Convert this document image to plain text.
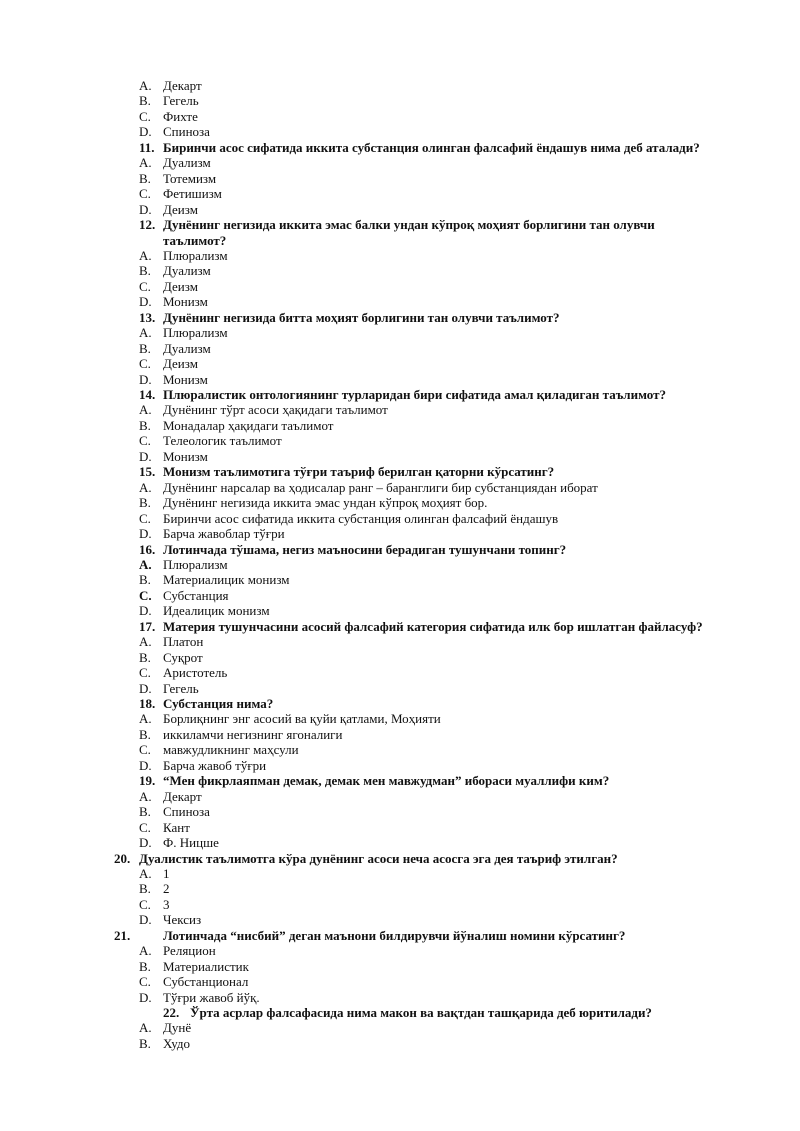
A. Декарт
B. Гегель
C. Фихте
D. Спиноза
11. Биринчи асос сифатида иккита субстанция олинган фалсафий ёндашув нима деб аталади?
A. Дуализм
B. Тотемизм
C. Фетишизм
D. Деизм
12. Дунёнинг негизида иккита эмас балки ундан кўпроқ моҳият борлигини тан олувчи
таълимот?
A. Плюрализм
B. Дуализм
C. Деизм
D. Монизм
13. Дунёнинг негизида битта моҳият борлигини тан олувчи таълимот?
A. Плюрализм
B. Дуализм
C. Деизм
D. Монизм
14. Плюралистик онтологиянинг турларидан бири сифатида амал қиладиган таълимот?
A. Дунёнинг тўрт асоси ҳақидаги таълимот
B. Монадалар ҳақидаги таълимот
C. Телеологик таълимот
D. Монизм
15. Монизм таълимотига тўғри таъриф берилган қаторни кўрсатинг?
A. Дунёнинг нарсалар ва ҳодисалар ранг – баранглиги бир субстанциядан иборат
B. Дунёнинг негизида иккита эмас ундан кўпроқ моҳият бор.
C. Биринчи асос сифатида иккита субстанция олинган фалсафий ёндашув
D. Барча жавоблар тўғри
16. Лотинчада тўшама, негиз маъносини берадиган тушунчани топинг?
A. Плюрализм
B. Материалицик монизм
C. Субстанция
D. Идеалицик монизм
17. Материя тушунчасини асосий фалсафий категория сифатида илк бор ишлатган файласуф?
A. Платон
B. Суқрот
C. Аристотель
D. Гегель
18. Субстанция нима?
A. Борлиқнинг энг асосий ва қуйи қатлами, Моҳияти
B. иккиламчи негизнинг ягоналиги
C. мавжудликнинг маҳсули
D. Барча жавоб тўғри
19. “Мен фикрлаяпман демак, демак мен мавжудман” ибораси муаллифи ким?
A. Декарт
B. Спиноза
C. Кант
D. Ф. Ницше
20. Дуалистик таълимотга кўра дунёнинг асоси неча асосга эга дея таъриф этилган?
A. 1
B. 2
C. 3
D. Чексиз
21.	Лотинчада “нисбий” деган маънони билдирувчи йўналиш номини кўрсатинг?
A. Реляцион
B. Материалистик
C. Субстанционал
D. Тўғри жавоб йўқ.
22. Ўрта асрлар фалсафасида нима макон ва вақтдан ташқарида деб юритилади?
A. Дунё
B. Худо
